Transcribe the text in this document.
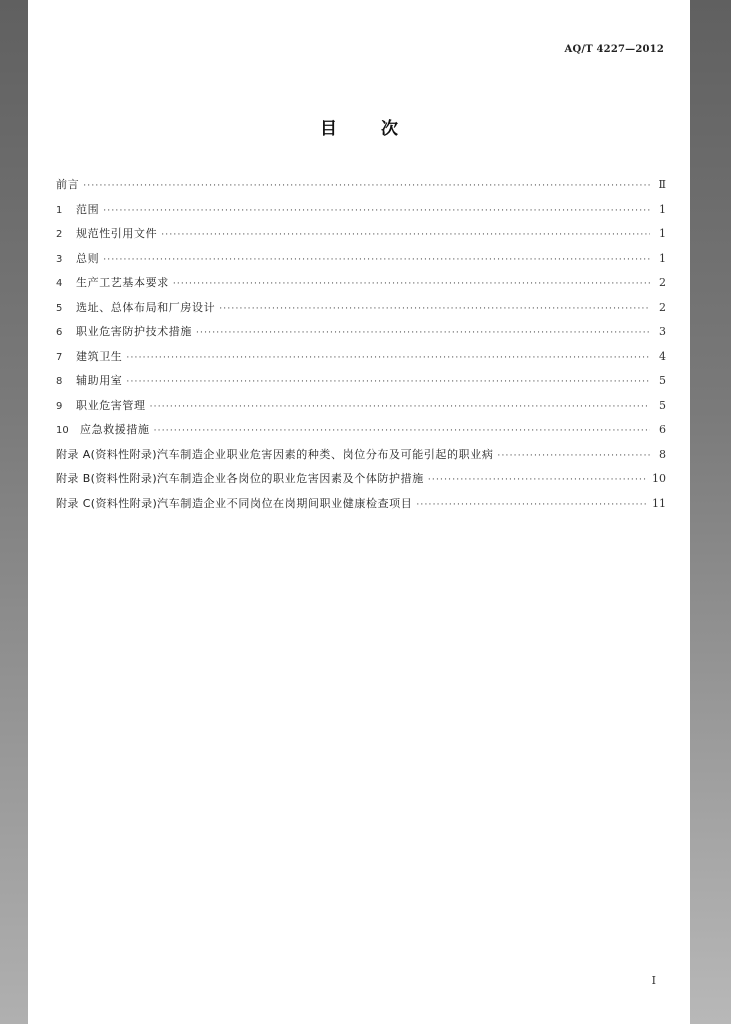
AQ/T 4227—2012
目次
前言 ·····	Ⅱ
1	范围 ·····	1
2	规范性引用文件 ·····	1
3	总则 ·····	1
4	生产工艺基本要求 ·····	2
5	选址、总体布局和厂房设计 ·····	2
6	职业危害防护技术措施 ·····	3
7	建筑卫生 ·····	4
8	辅助用室 ·····	5
9	职业危害管理 ·····	5
10	应急救援措施 ·····	6
附录 A(资料性附录) 汽车制造企业职业危害因素的种类、岗位分布及可能引起的职业病 ·····	8
附录 B(资料性附录) 汽车制造企业各岗位的职业危害因素及个体防护措施 ·····	10
附录 C(资料性附录) 汽车制造企业不同岗位在岗期间职业健康检查项目 ·····	11
Ⅰ
